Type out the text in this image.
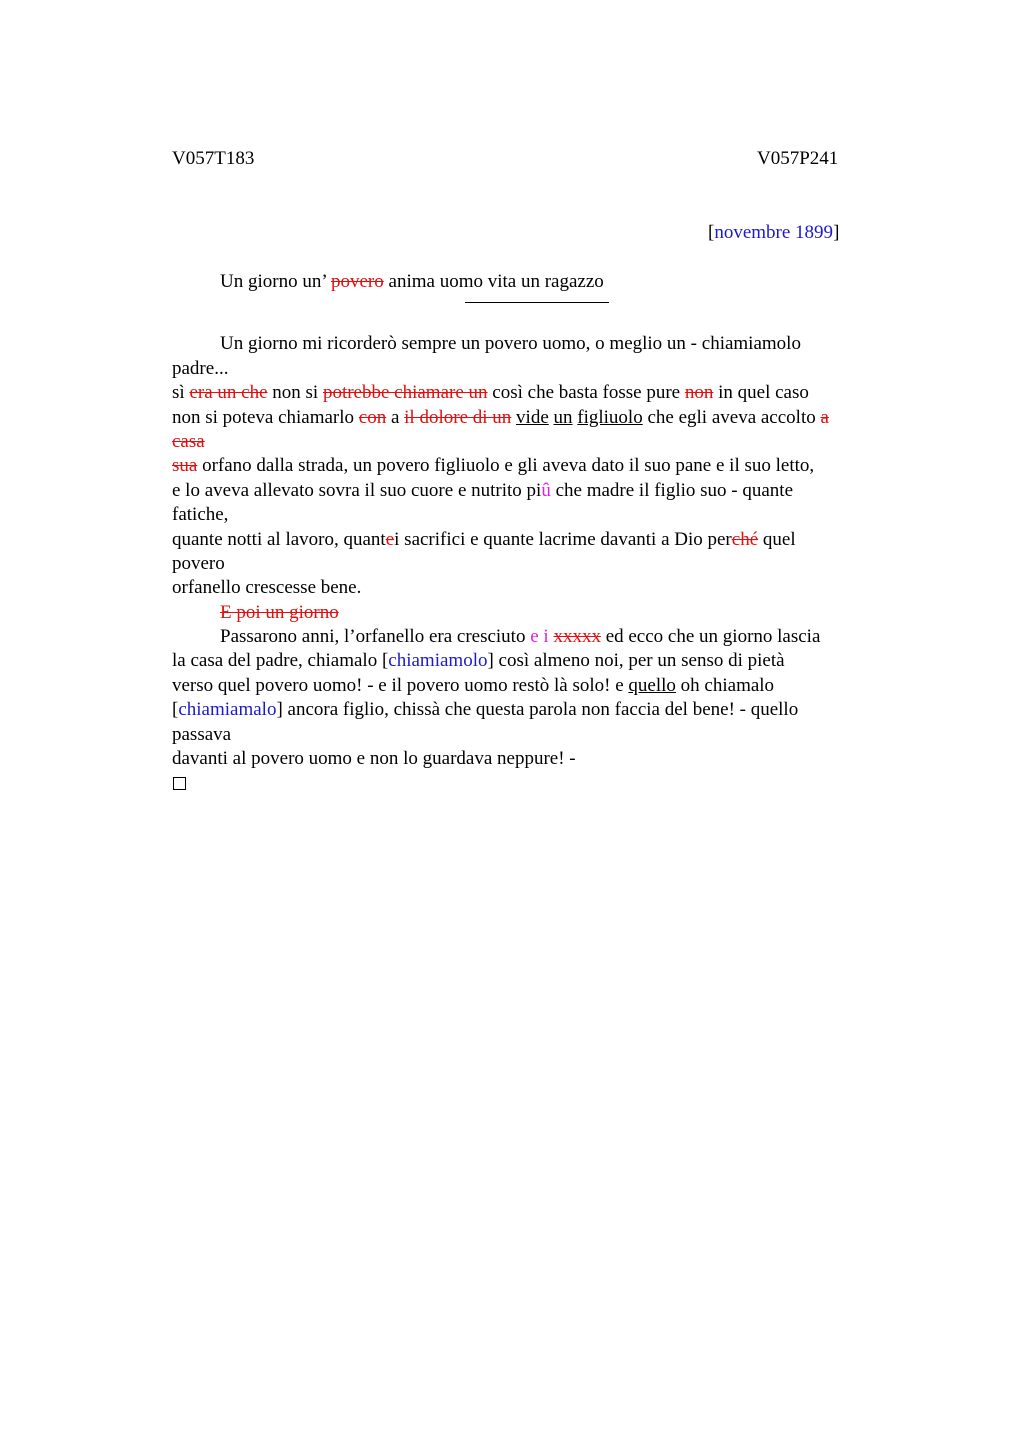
V057T183	V057P241
[novembre 1899]
Un giorno un’ povero anima uomo vita un ragazzo
Un giorno mi ricorderò sempre un povero uomo, o meglio un - chiamiamolo
padre...
sì era un che non si potrebbe chiamare un così che basta fosse pure non in quel caso
non si poteva chiamarlo con a il dolore di un vide un figliuolo che egli aveva accolto a
casa
sua orfano dalla strada, un povero figliuolo e gli aveva dato il suo pane e il suo letto,
e lo aveva allevato sovra il suo cuore e nutrito piû che madre il figlio suo - quante
fatiche,
quante notti al lavoro, quantei sacrifici e quante lacrime davanti a Dio perché quel
povero
orfanello crescesse bene.
E poi un giorno
Passarono anni, l’orfanello era cresciuto e i xxxxx ed ecco che un giorno lascia
la casa del padre, chiamalo [chiamiamolo] così almeno noi, per un senso di pietà
verso quel povero uomo! - e il povero uomo restò là solo! e quello oh chiamalo
[chiamiamalo] ancora figlio, chissà che questa parola non faccia del bene! - quello
passava
davanti al povero uomo e non lo guardava neppure! -
